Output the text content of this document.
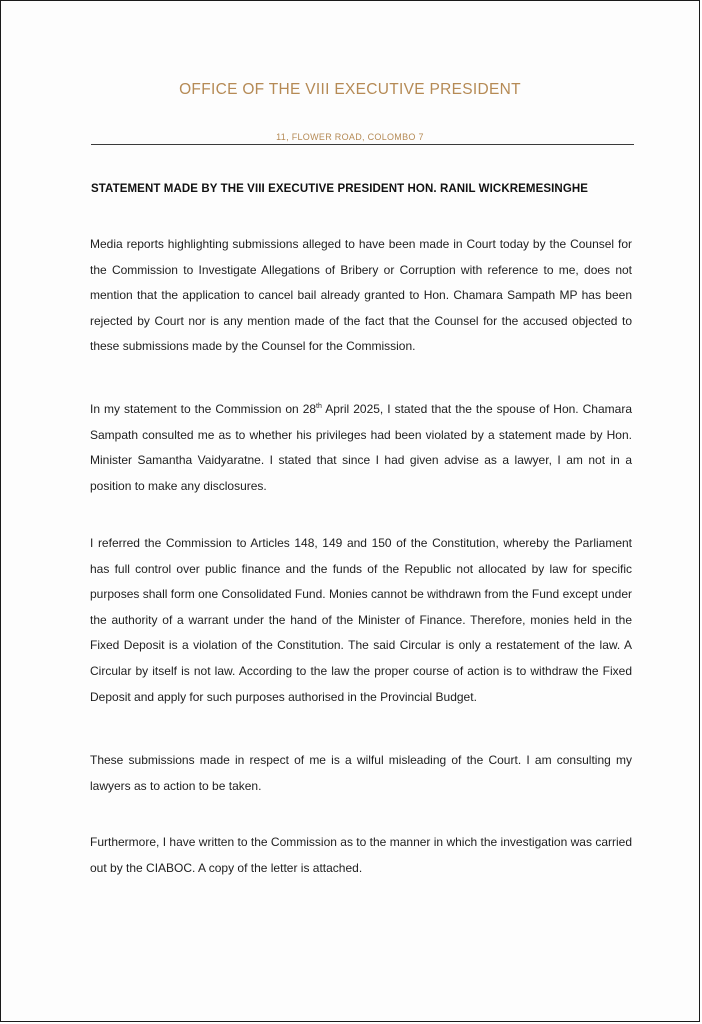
OFFICE OF THE VIII EXECUTIVE PRESIDENT
11, FLOWER ROAD, COLOMBO 7
STATEMENT MADE BY THE VIII EXECUTIVE PRESIDENT HON. RANIL WICKREMESINGHE
Media reports highlighting submissions alleged to have been made in Court today by the Counsel for the Commission to Investigate Allegations of Bribery or Corruption with reference to me, does not mention that the application to cancel bail already granted to Hon. Chamara Sampath MP has been rejected by Court nor is any mention made of the fact that the Counsel for the accused objected to these submissions made by the Counsel for the Commission.
In my statement to the Commission on 28th April 2025, I stated that the the spouse of Hon. Chamara Sampath consulted me as to whether his privileges had been violated by a statement made by Hon. Minister Samantha Vaidyaratne. I stated that since I had given advise as a lawyer, I am not in a position to make any disclosures.
I referred the Commission to Articles 148, 149 and 150 of the Constitution, whereby the Parliament has full control over public finance and the funds of the Republic not allocated by law for specific purposes shall form one Consolidated Fund. Monies cannot be withdrawn from the Fund except under the authority of a warrant under the hand of the Minister of Finance. Therefore, monies held in the Fixed Deposit is a violation of the Constitution. The said Circular is only a restatement of the law. A Circular by itself is not law. According to the law the proper course of action is to withdraw the Fixed Deposit and apply for such purposes authorised in the Provincial Budget.
These submissions made in respect of me is a wilful misleading of the Court. I am consulting my lawyers as to action to be taken.
Furthermore, I have written to the Commission as to the manner in which the investigation was carried out by the CIABOC. A copy of the letter is attached.
